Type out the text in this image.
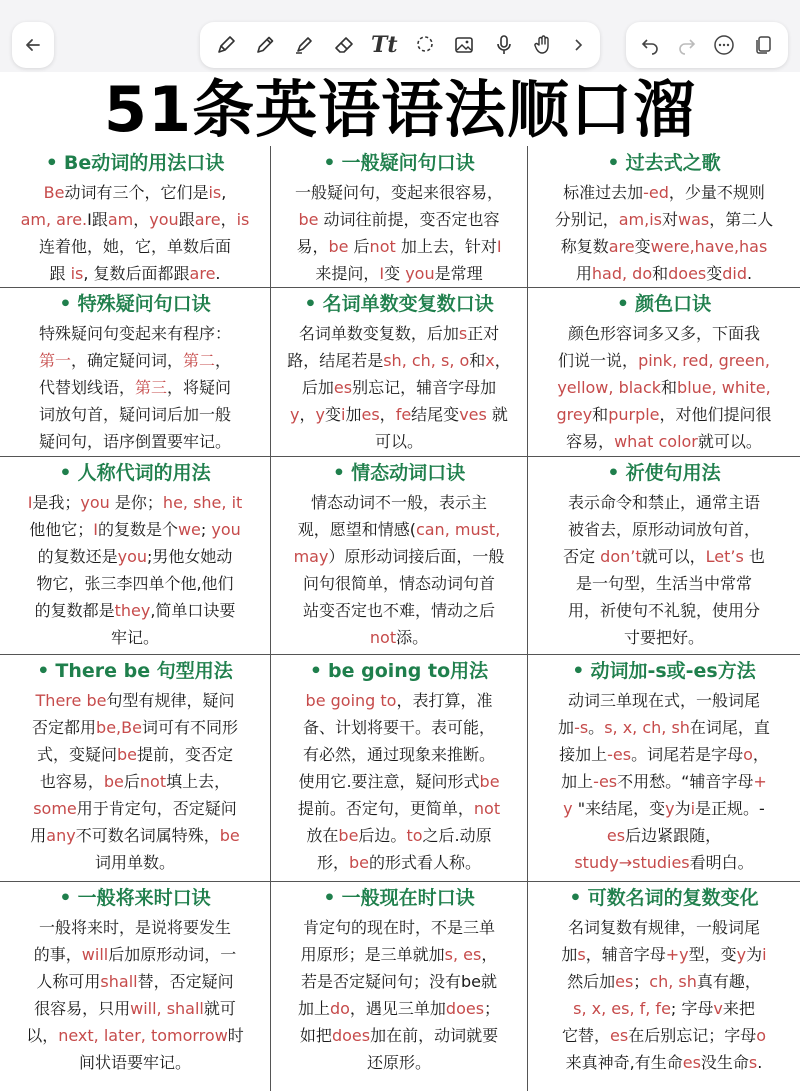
Tt
51条英语语法顺口溜
• Be动词的用法口诀
Be动词有三个，它们是is,
am, are.I跟am，you跟are，is
连着他，她，它，单数后面
跟 is, 复数后面都跟are.
• 一般疑问句口诀
一般疑问句，变起来很容易，
be 动词往前提，变否定也容
易，be 后not 加上去，针对I
来提问，I变 you是常理
• 过去式之歌
标准过去加-ed，少量不规则
分别记，am,is对was，第二人
称复数are变were,have,has
用had, do和does变did.
• 特殊疑问句口诀
特殊疑问句变起来有程序：
第一，确定疑问词，第二，
代替划线语，第三，将疑问
词放句首，疑问词后加一般
疑问句，语序倒置要牢记。
• 名词单数变复数口诀
名词单数变复数，后加s正对
路，结尾若是sh, ch, s, o和x，
后加es别忘记，辅音字母加
y，y变i加es，fe结尾变ves 就
可以。
• 颜色口诀
颜色形容词多又多，下面我
们说一说，pink, red, green,
yellow, black和blue, white,
grey和purple，对他们提问很
容易，what color就可以。
• 人称代词的用法
I是我；you 是你；he, she, it
他他它；I的复数是个we; you
的复数还是you;男他女她动
物它，张三李四单个他,他们
的复数都是they,简单口诀要
牢记。
• 情态动词口诀
情态动词不一般，表示主
观，愿望和情感(can, must,
may）原形动词接后面，一般
问句很简单，情态动词句首
站变否定也不难，情动之后
not添。
• 祈使句用法
表示命令和禁止，通常主语
被省去，原形动词放句首，
否定 don’t就可以，Let’s 也
是一句型，生活当中常常
用，祈使句不礼貌，使用分
寸要把好。
• There be 句型用法
There be句型有规律，疑问
否定都用be,Be词可有不同形
式，变疑问be提前，变否定
也容易，be后not填上去，
some用于肯定句，否定疑问
用any不可数名词属特殊，be
词用单数。
• be going to用法
be going to，表打算，准
备、计划将要干。表可能，
有必然，通过现象来推断。
使用它.要注意，疑问形式be
提前。否定句，更简单，not
放在be后边。to之后.动原
形，be的形式看人称。
• 动词加-s或-es方法
动词三单现在式，一般词尾
加-s。s, x, ch, sh在词尾，直
接加上-es。词尾若是字母o，
加上-es不用愁。“辅音字母+
y "来结尾，变y为i是正规。-
es后边紧跟随，
study→studies看明白。
• 一般将来时口诀
一般将来时，是说将要发生
的事，will后加原形动词，一
人称可用shall替，否定疑问
很容易，只用will, shall就可
以，next, later, tomorrow时
间状语要牢记。
• 一般现在时口诀
肯定句的现在时，不是三单
用原形；是三单就加s, es，
若是否定疑问句；没有be就
加上do，遇见三单加does；
如把does加在前，动词就要
还原形。
• 可数名词的复数变化
名词复数有规律，一般词尾
加s，辅音字母+y型，变y为i
然后加es；ch, sh真有趣，
s, x, es, f, fe; 字母v来把
它替，es在后别忘记；字母o
来真神奇,有生命es没生命s.
